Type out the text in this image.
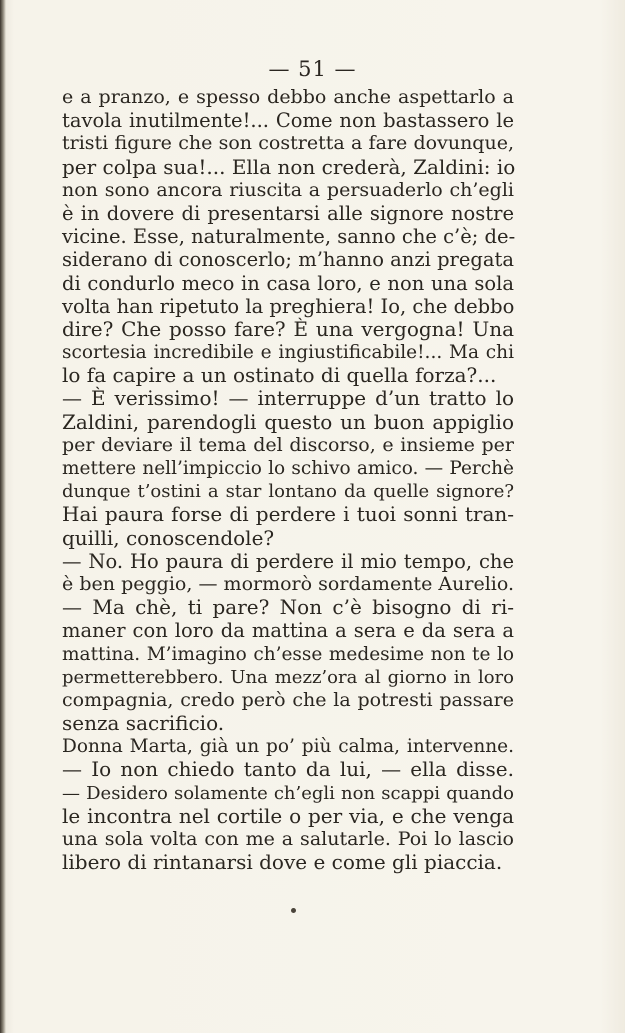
— 51 —
e a pranzo, e spesso debbo anche aspettarlo a
tavola inutilmente!... Come non bastassero le
tristi figure che son costretta a fare dovunque,
per colpa sua!... Ella non crederà, Zaldini: io
non sono ancora riuscita a persuaderlo ch’egli
è in dovere di presentarsi alle signore nostre
vicine. Esse, naturalmente, sanno che c’è; de-
siderano di conoscerlo; m’hanno anzi pregata
di condurlo meco in casa loro, e non una sola
volta han ripetuto la preghiera! Io, che debbo
dire? Che posso fare? È una vergogna! Una
scortesia incredibile e ingiustificabile!... Ma chi
lo fa capire a un ostinato di quella forza?...
— È verissimo! — interruppe d’un tratto lo
Zaldini, parendogli questo un buon appiglio
per deviare il tema del discorso, e insieme per
mettere nell’impiccio lo schivo amico. — Perchè
dunque t’ostini a star lontano da quelle signore?
Hai paura forse di perdere i tuoi sonni tran-
quilli, conoscendole?
— No. Ho paura di perdere il mio tempo, che
è ben peggio, — mormorò sordamente Aurelio.
— Ma chè, ti pare? Non c’è bisogno di ri-
maner con loro da mattina a sera e da sera a
mattina. M’imagino ch’esse medesime non te lo
permetterebbero. Una mezz’ora al giorno in loro
compagnia, credo però che la potresti passare
senza sacrificio.
Donna Marta, già un po’ più calma, intervenne.
— Io non chiedo tanto da lui, — ella disse.
— Desidero solamente ch’egli non scappi quando
le incontra nel cortile o per via, e che venga
una sola volta con me a salutarle. Poi lo lascio
libero di rintanarsi dove e come gli piaccia.
